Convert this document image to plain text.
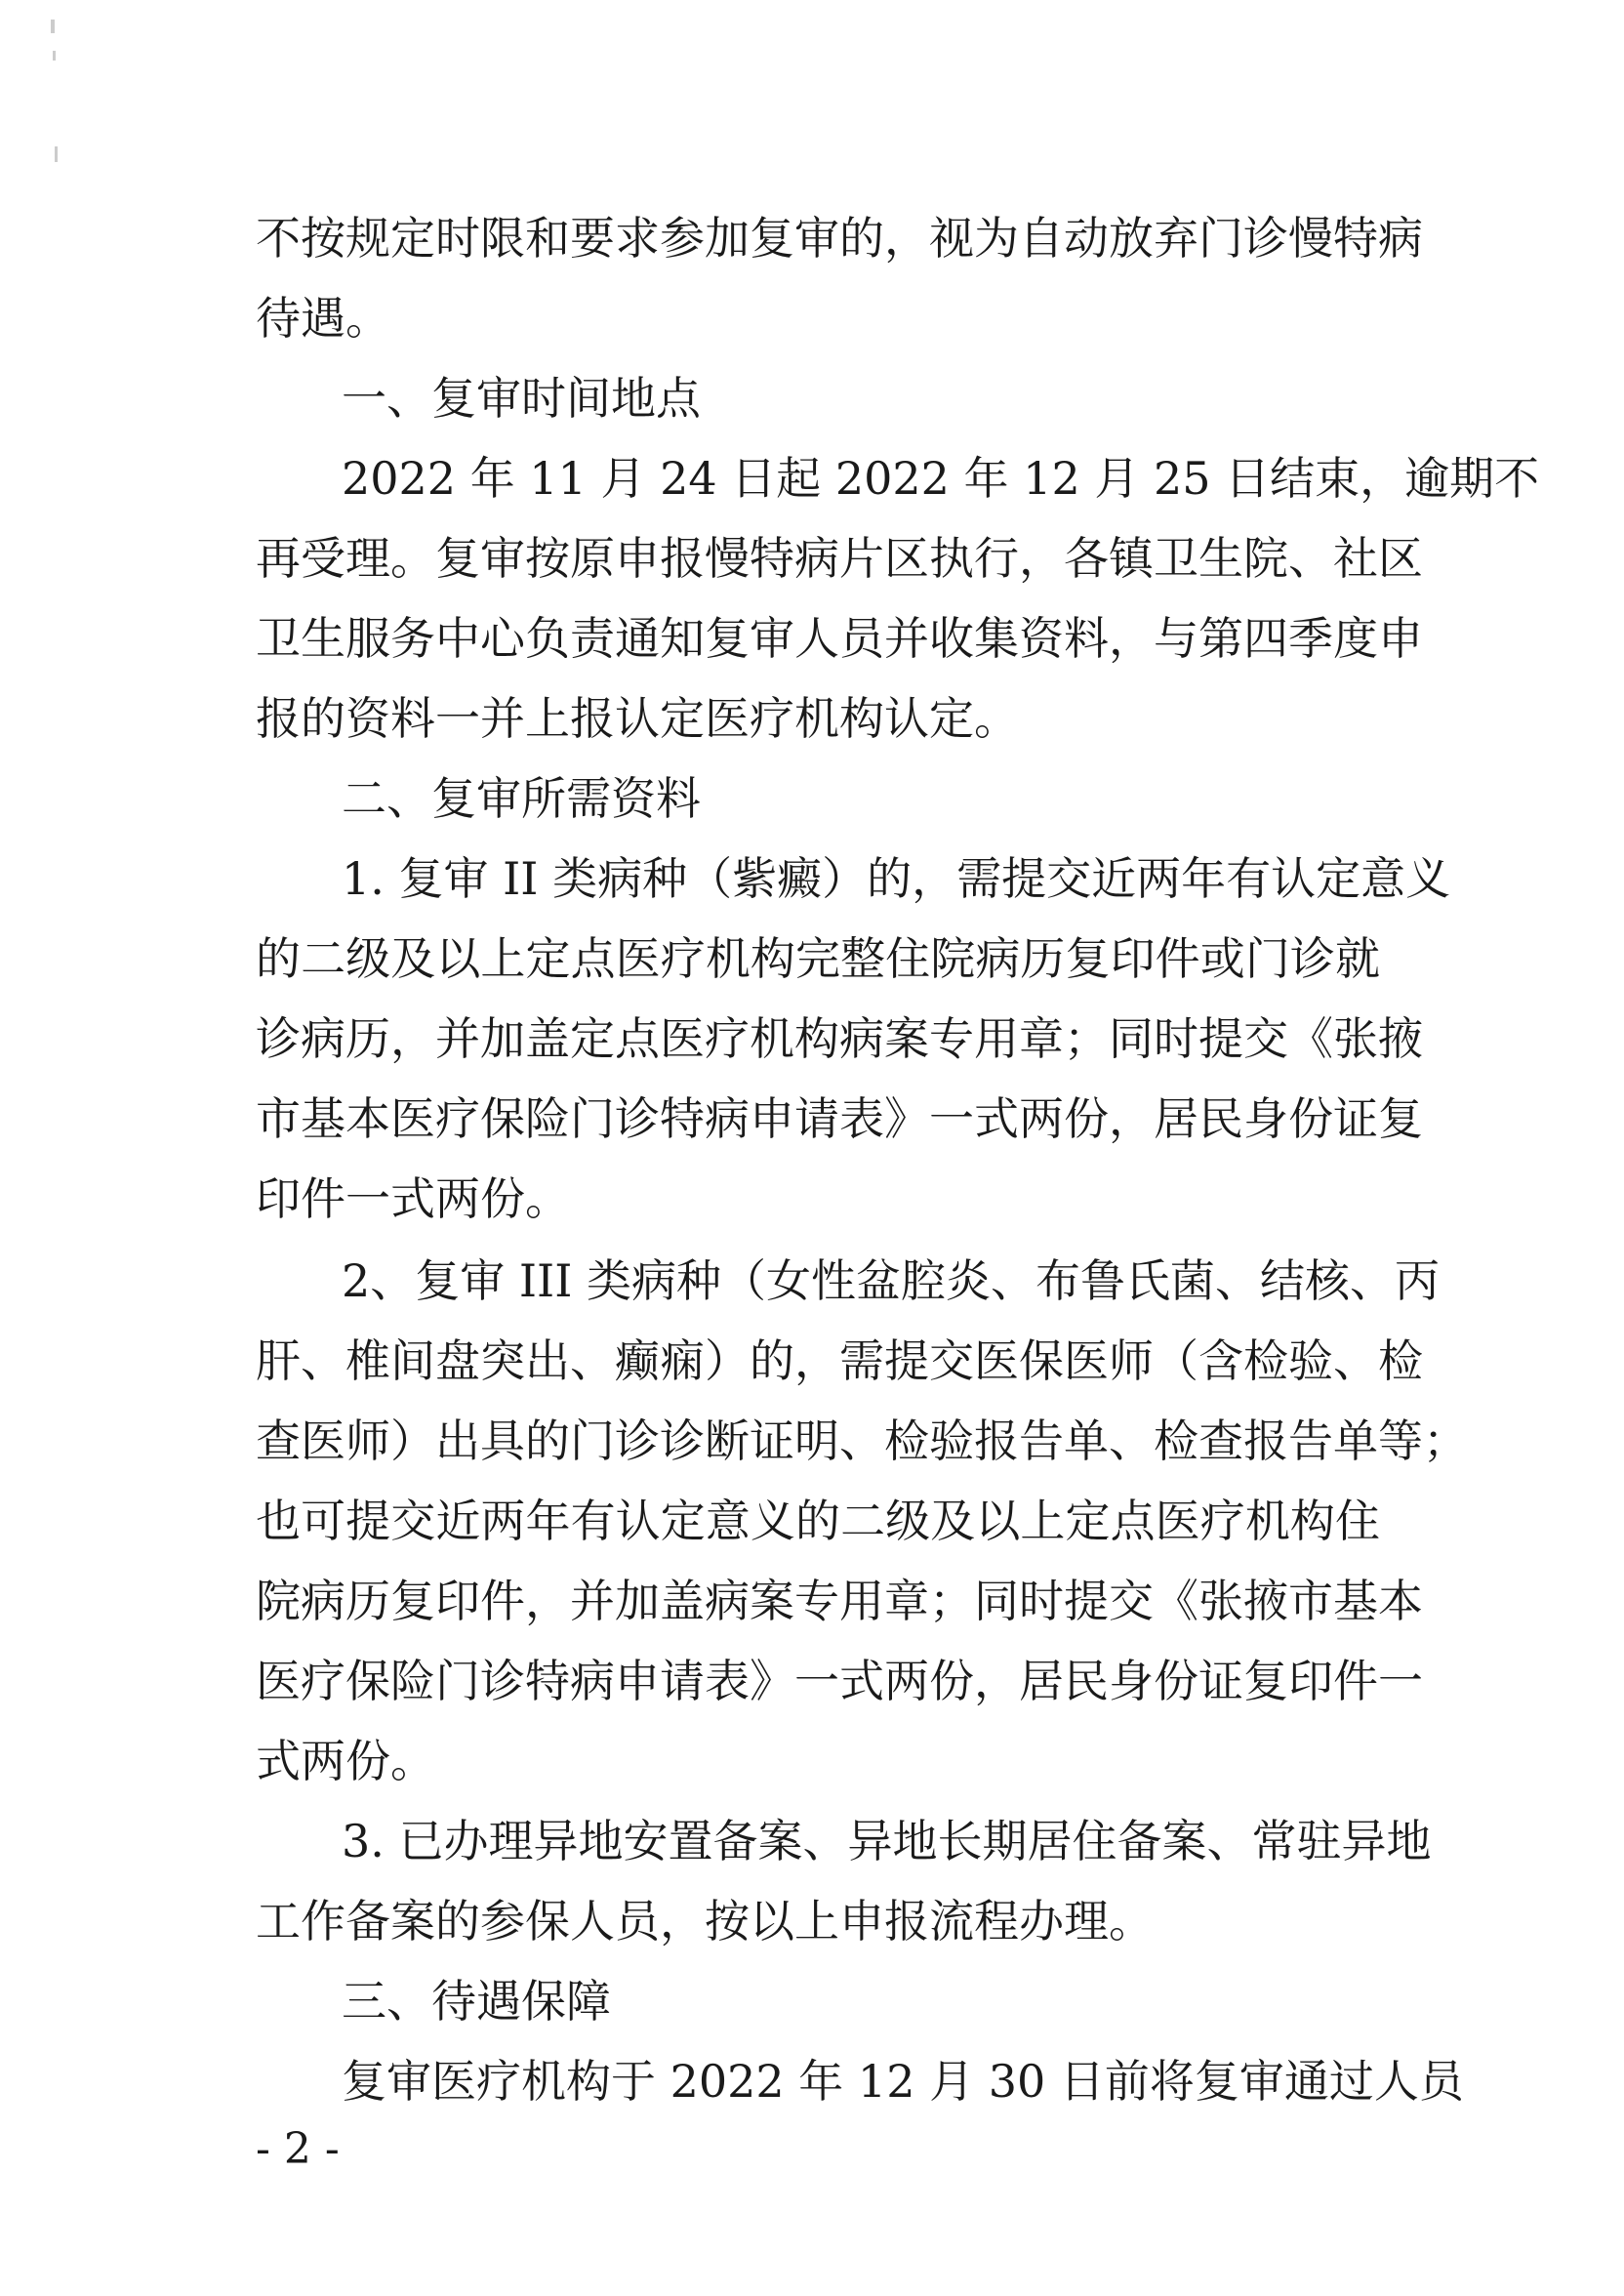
不按规定时限和要求参加复审的，视为自动放弃门诊慢特病
待遇。
一、复审时间地点
2022 年 11 月 24 日起 2022 年 12 月 25 日结束，逾期不
再受理。复审按原申报慢特病片区执行，各镇卫生院、社区
卫生服务中心负责通知复审人员并收集资料，与第四季度申
报的资料一并上报认定医疗机构认定。
二、复审所需资料
1. 复审 II 类病种（紫癜）的，需提交近两年有认定意义
的二级及以上定点医疗机构完整住院病历复印件或门诊就
诊病历，并加盖定点医疗机构病案专用章；同时提交《张掖
市基本医疗保险门诊特病申请表》一式两份，居民身份证复
印件一式两份。
2、复审 III 类病种（女性盆腔炎、布鲁氏菌、结核、丙
肝、椎间盘突出、癫痫）的，需提交医保医师（含检验、检
查医师）出具的门诊诊断证明、检验报告单、检查报告单等；
也可提交近两年有认定意义的二级及以上定点医疗机构住
院病历复印件，并加盖病案专用章；同时提交《张掖市基本
医疗保险门诊特病申请表》一式两份，居民身份证复印件一
式两份。
3. 已办理异地安置备案、异地长期居住备案、常驻异地
工作备案的参保人员，按以上申报流程办理。
三、待遇保障
复审医疗机构于 2022 年 12 月 30 日前将复审通过人员
- 2 -
